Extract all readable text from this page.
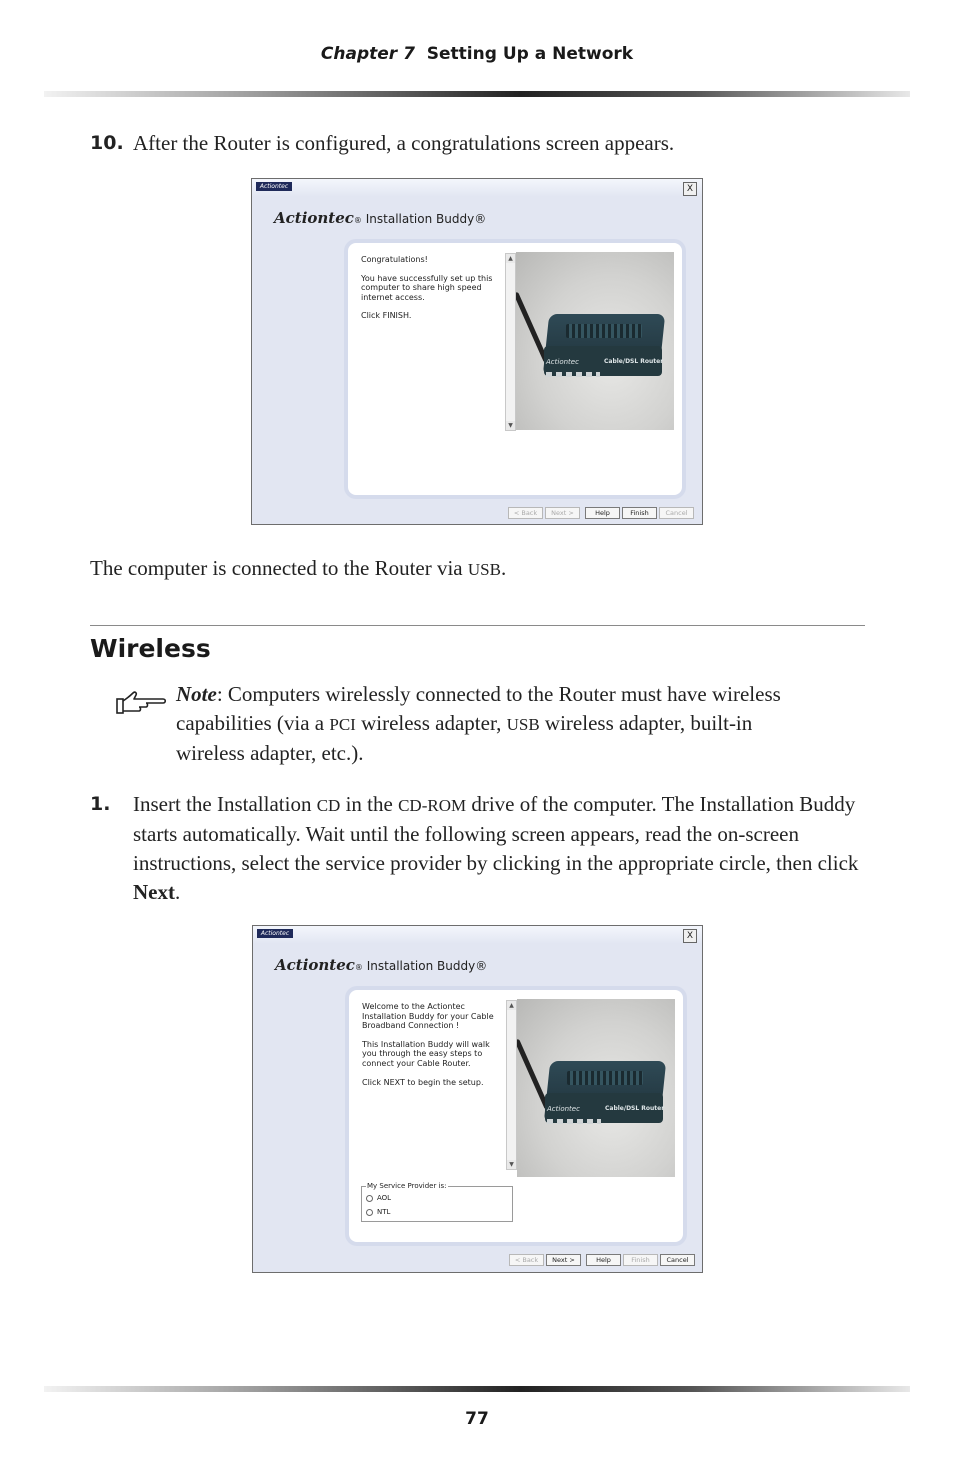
Chapter 7 Setting Up a Network
10. After the Router is configured, a congratulations screen appears.
Actiontec	X
Actiontec® Installation Buddy®

Congratulations!

You have successfully set up this computer to share high speed internet access.

Click FINISH.

▲
▼
Actiontec	Cable/DSL Router
< Back	Next >	Help	Finish	Cancel
The computer is connected to the Router via USB.
Wireless
Note: Computers wirelessly connected to the Router must have wireless capabilities (via a PCI wireless adapter, USB wireless adapter, built-in wireless adapter, etc.).
1. Insert the Installation CD in the CD-ROM drive of the computer. The Installation Buddy starts automatically. Wait until the following screen appears, read the on-screen instructions, select the service provider by clicking in the appropriate circle, then click Next.
Actiontec	X
Actiontec® Installation Buddy®

Welcome to the Actiontec Installation Buddy for your Cable Broadband Connection !

This Installation Buddy will walk you through the easy steps to connect your Cable Router.

Click NEXT to begin the setup.

▲
▼
Actiontec	Cable/DSL Router
My Service Provider is:
AOL
NTL
< Back	Next >	Help	Finish	Cancel
77
